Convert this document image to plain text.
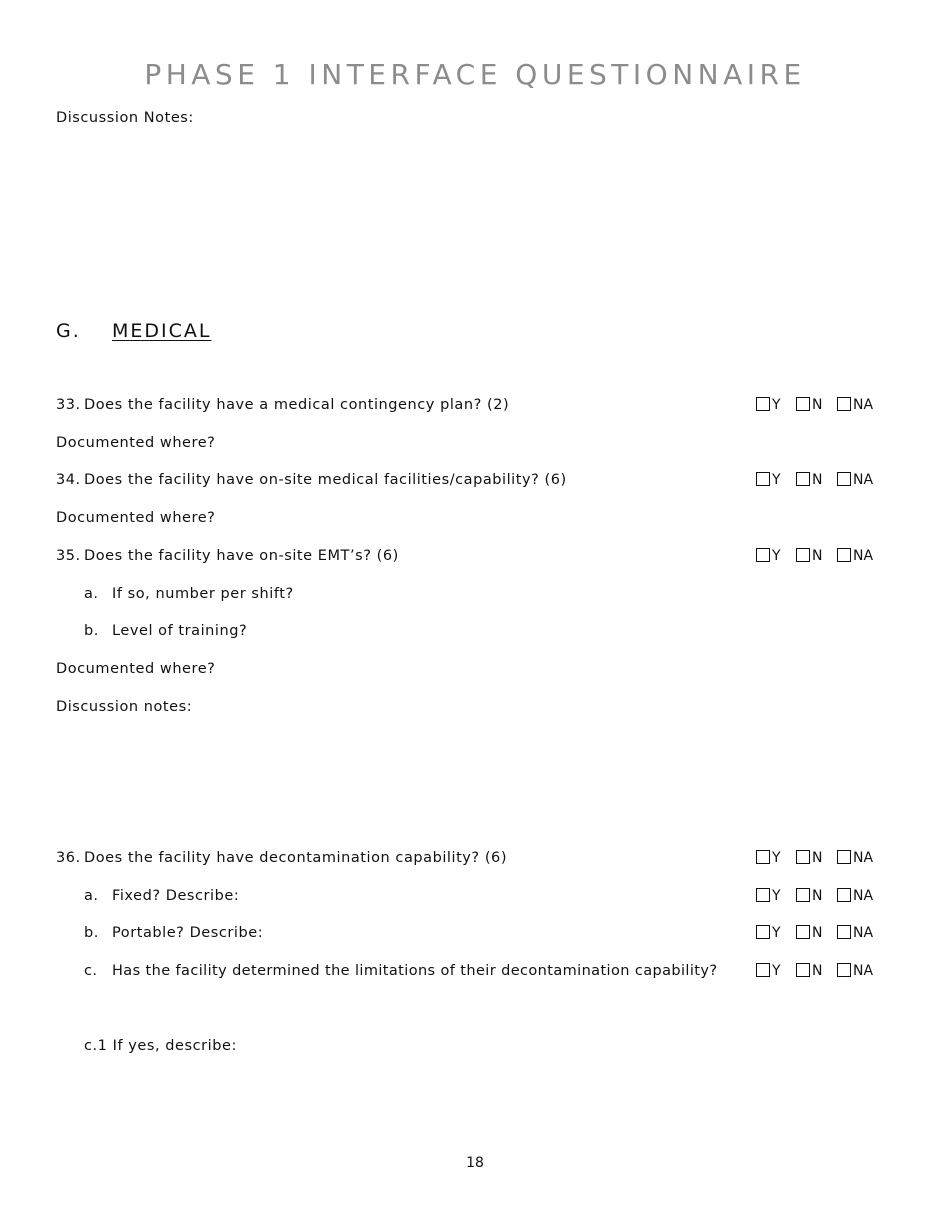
PHASE 1 INTERFACE QUESTIONNAIRE
Discussion Notes:
G. MEDICAL
33. Does the facility have a medical contingency plan? (2)	Y N NA
Documented where?
34. Does the facility have on-site medical facilities/capability? (6)	Y N NA
Documented where?
35. Does the facility have on-site EMT’s? (6)	Y N NA
a. If so, number per shift?
b. Level of training?
Documented where?
Discussion notes:
36. Does the facility have decontamination capability? (6)	Y N NA
a. Fixed? Describe:	Y N NA
b. Portable? Describe:	Y N NA
c. Has the facility determined the limitations of their decontamination capability?	Y N NA
c.1 If yes, describe:
18
